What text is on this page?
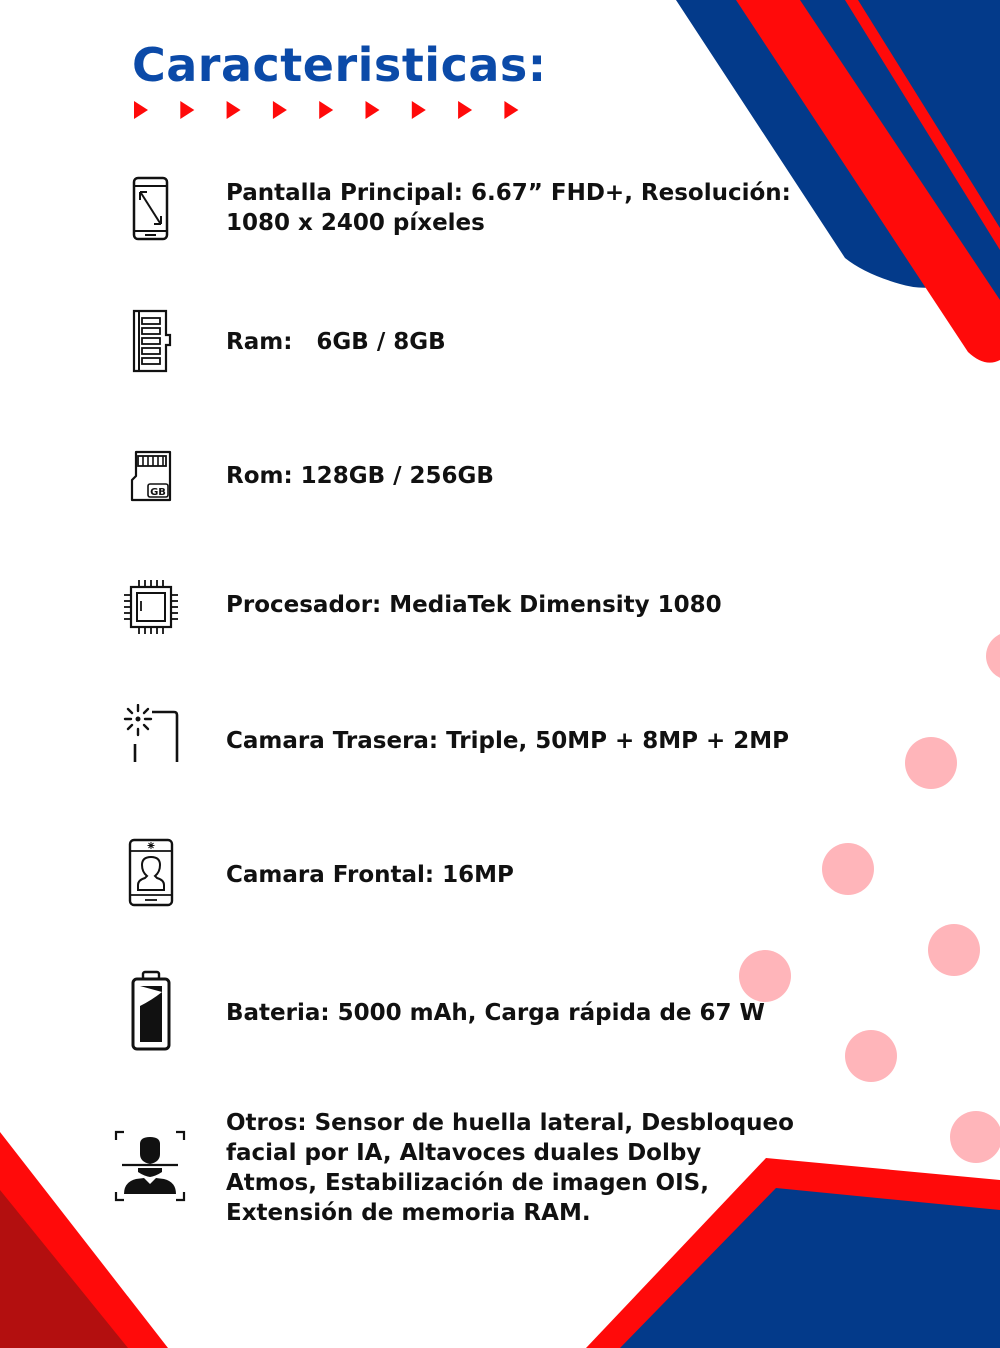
Caracteristicas:
GB
Pantalla Principal: 6.67” FHD+, Resolución:
1080 x 2400 píxeles
Ram:   6GB / 8GB
Rom: 128GB / 256GB
Procesador: MediaTek Dimensity 1080
Camara Trasera: Triple, 50MP + 8MP + 2MP
Camara Frontal: 16MP
Bateria: 5000 mAh, Carga rápida de 67 W
Otros: Sensor de huella lateral, Desbloqueo
facial por IA, Altavoces duales Dolby
Atmos, Estabilización de imagen OIS,
Extensión de memoria RAM.
